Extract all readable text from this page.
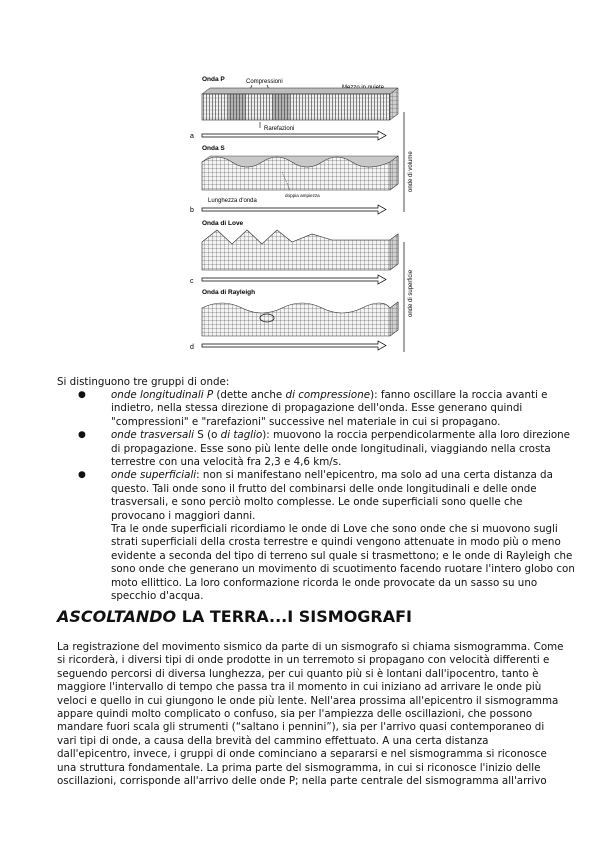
Onda P	Compressioni
Rarefazioni
a
Onda S
doppia ampiezza
Lunghezza d'onda
b
Onda di Love
c
Onda di Rayleigh
d
onde di volume
onde di superficie
Si distinguono tre gruppi di onde:
● onde longitudinali P (dette anche di compressione): fanno oscillare la roccia avanti e
indietro, nella stessa direzione di propagazione dell'onda. Esse generano quindi
"compressioni" e "rarefazioni" successive nel materiale in cui si propagano.
● onde trasversali S (o di taglio): muovono la roccia perpendicolarmente alla loro direzione
di propagazione. Esse sono più lente delle onde longitudinali, viaggiando nella crosta
terrestre con una velocità fra 2,3 e 4,6 km/s.
● onde superficiali: non si manifestano nell'epicentro, ma solo ad una certa distanza da
questo. Tali onde sono il frutto del combinarsi delle onde longitudinali e delle onde
trasversali, e sono perciò molto complesse. Le onde superficiali sono quelle che
provocano i maggiori danni.
Tra le onde superficiali ricordiamo le onde di Love che sono onde che si muovono sugli
strati superficiali della crosta terrestre e quindi vengono attenuate in modo più o meno
evidente a seconda del tipo di terreno sul quale si trasmettono; e le onde di Rayleigh che
sono onde che generano un movimento di scuotimento facendo ruotare l'intero globo con
moto ellittico. La loro conformazione ricorda le onde provocate da un sasso su uno
specchio d'acqua.
ASCOLTANDO LA TERRA...I SISMOGRAFI
La registrazione del movimento sismico da parte di un sismografo si chiama sismogramma. Come
si ricorderà, i diversi tipi di onde prodotte in un terremoto si propagano con velocità differenti e
seguendo percorsi di diversa lunghezza, per cui quanto più si è lontani dall'ipocentro, tanto è
maggiore l'intervallo di tempo che passa tra il momento in cui iniziano ad arrivare le onde più
veloci e quello in cui giungono le onde più lente. Nell'area prossima all'epicentro il sismogramma
appare quindi molto complicato o confuso, sia per l'ampiezza delle oscillazioni, che possono
mandare fuori scala gli strumenti (“saltano i pennini”), sia per l'arrivo quasi contemporaneo di
vari tipi di onde, a causa della brevità del cammino effettuato. A una certa distanza
dall'epicentro, invece, i gruppi di onde cominciano a separarsi e nel sismogramma si riconosce
una struttura fondamentale. La prima parte del sismogramma, in cui si riconosce l'inizio delle
oscillazioni, corrisponde all'arrivo delle onde P; nella parte centrale del sismogramma all'arrivo
